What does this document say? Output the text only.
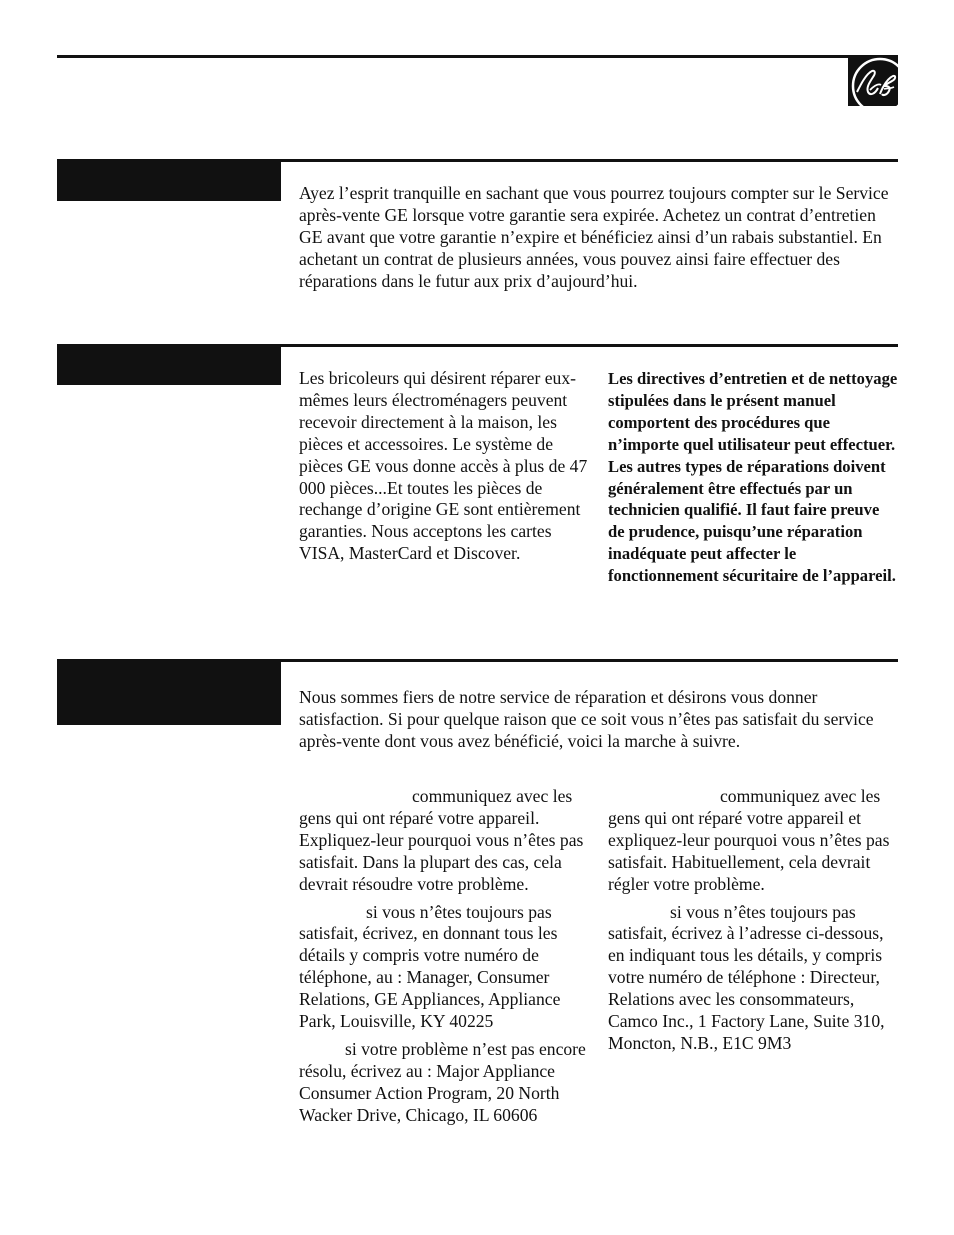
Ayez l’esprit tranquille en sachant que vous pourrez toujours compter sur le Service après-vente GE lorsque votre garantie sera expirée. Achetez un contrat d’entretien GE avant que votre garantie n’expire et bénéficiez ainsi d’un rabais substantiel. En achetant un contrat de plusieurs années, vous pouvez ainsi faire effectuer des réparations dans le futur aux prix d’aujourd’hui.

Les bricoleurs qui désirent réparer eux-mêmes leurs électroménagers peuvent recevoir directement à la maison, les pièces et accessoires. Le système de pièces GE vous donne accès à plus de 47 000 pièces...Et toutes les pièces de rechange d’origine GE sont entièrement garanties. Nous acceptons les cartes VISA, MasterCard et Discover.

Les directives d’entretien et de nettoyage stipulées dans le présent manuel comportent des procédures que n’importe quel utilisateur peut effectuer. Les autres types de réparations doivent généralement être effectués par un technicien qualifié. Il faut faire preuve de prudence, puisqu’une réparation inadéquate peut affecter le fonctionnement sécuritaire de l’appareil.

Nous sommes fiers de notre service de réparation et désirons vous donner satisfaction. Si pour quelque raison que ce soit vous n’êtes pas satisfait du service après-vente dont vous avez bénéficié, voici la marche à suivre.

communiquez avec les gens qui ont réparé votre appareil. Expliquez-leur pourquoi vous n’êtes pas satisfait. Dans la plupart des cas, cela devrait résoudre votre problème.

si vous n’êtes toujours pas satisfait, écrivez, en donnant tous les détails y compris votre numéro de téléphone, au : Manager, Consumer Relations, GE Appliances, Appliance Park, Louisville, KY 40225

si votre problème n’est pas encore résolu, écrivez au : Major Appliance Consumer Action Program, 20 North Wacker Drive, Chicago, IL 60606

communiquez avec les gens qui ont réparé votre appareil et expliquez-leur pourquoi vous n’êtes pas satisfait. Habituellement, cela devrait régler votre problème.

si vous n’êtes toujours pas satisfait, écrivez à l’adresse ci-dessous, en indiquant tous les détails, y compris votre numéro de téléphone : Directeur, Relations avec les consommateurs, Camco Inc., 1 Factory Lane, Suite 310, Moncton, N.B., E1C 9M3
